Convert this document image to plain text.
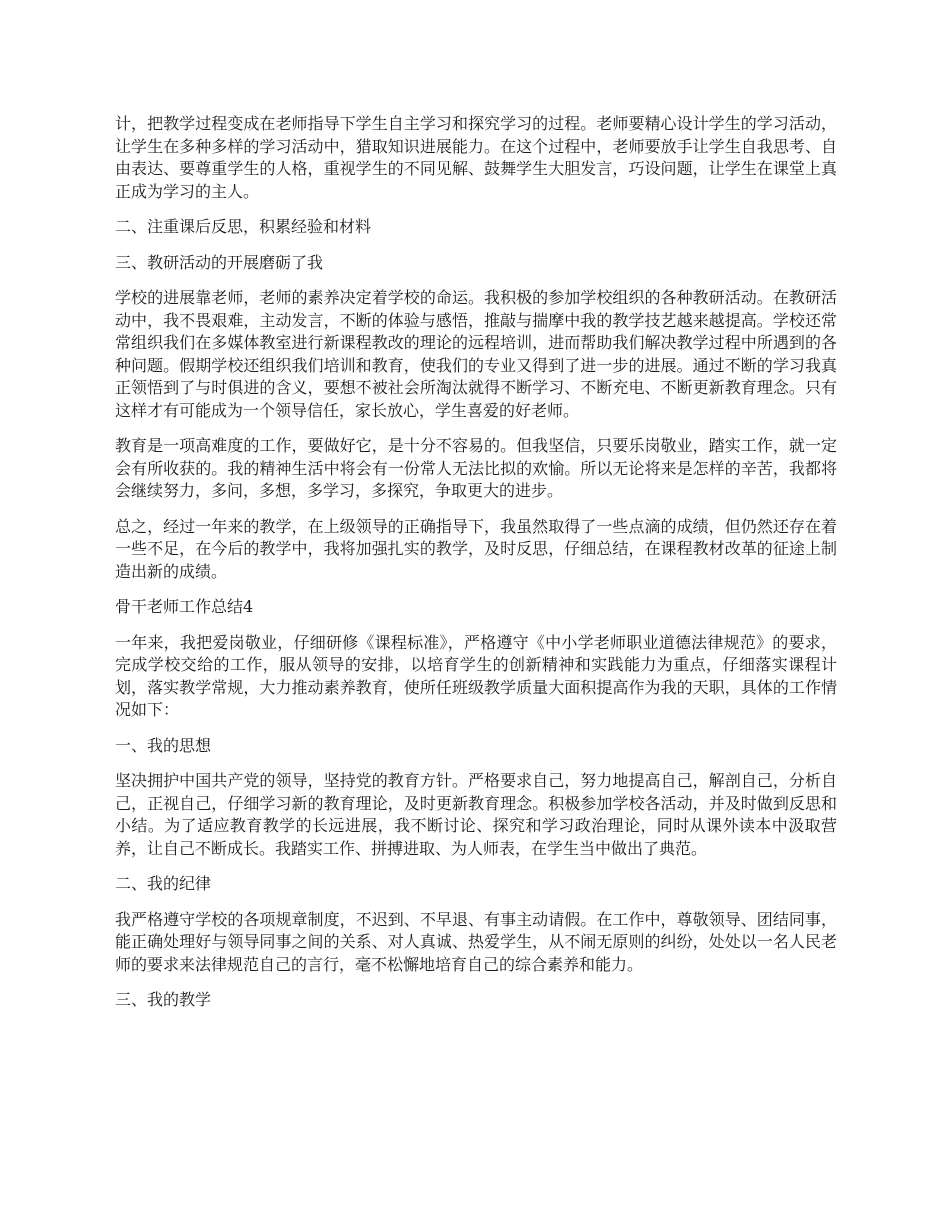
计，把教学过程变成在老师指导下学生自主学习和探究学习的过程。老师要精心设计学生的学习活动，让学生在多种多样的学习活动中，猎取知识进展能力。在这个过程中，老师要放手让学生自我思考、自由表达、要尊重学生的人格，重视学生的不同见解、鼓舞学生大胆发言，巧设问题，让学生在课堂上真正成为学习的主人。

二、注重课后反思，积累经验和材料

三、教研活动的开展磨砺了我

学校的进展靠老师，老师的素养决定着学校的命运。我积极的参加学校组织的各种教研活动。在教研活动中，我不畏艰难，主动发言，不断的体验与感悟，推敲与揣摩中我的教学技艺越来越提高。学校还常常组织我们在多媒体教室进行新课程教改的理论的远程培训，进而帮助我们解决教学过程中所遇到的各种问题。假期学校还组织我们培训和教育，使我们的专业又得到了进一步的进展。通过不断的学习我真正领悟到了与时俱进的含义，要想不被社会所淘汰就得不断学习、不断充电、不断更新教育理念。只有这样才有可能成为一个领导信任，家长放心，学生喜爱的好老师。

教育是一项高难度的工作，要做好它，是十分不容易的。但我坚信，只要乐岗敬业，踏实工作，就一定会有所收获的。我的精神生活中将会有一份常人无法比拟的欢愉。所以无论将来是怎样的辛苦，我都将会继续努力，多问，多想，多学习，多探究，争取更大的进步。

总之，经过一年来的教学，在上级领导的正确指导下，我虽然取得了一些点滴的成绩，但仍然还存在着一些不足，在今后的教学中，我将加强扎实的教学，及时反思，仔细总结，在课程教材改革的征途上制造出新的成绩。

骨干老师工作总结4

一年来，我把爱岗敬业，仔细研修《课程标准》，严格遵守《中小学老师职业道德法律规范》的要求，完成学校交给的工作，服从领导的安排，以培育学生的创新精神和实践能力为重点，仔细落实课程计划，落实教学常规，大力推动素养教育，使所任班级教学质量大面积提高作为我的天职，具体的工作情况如下：

一、我的思想

坚决拥护中国共产党的领导，坚持党的教育方针。严格要求自己，努力地提高自己，解剖自己，分析自己，正视自己，仔细学习新的教育理论，及时更新教育理念。积极参加学校各活动，并及时做到反思和小结。为了适应教育教学的长远进展，我不断讨论、探究和学习政治理论，同时从课外读本中汲取营养，让自己不断成长。我踏实工作、拼搏进取、为人师表，在学生当中做出了典范。

二、我的纪律

我严格遵守学校的各项规章制度，不迟到、不早退、有事主动请假。在工作中，尊敬领导、团结同事，能正确处理好与领导同事之间的关系、对人真诚、热爱学生，从不闹无原则的纠纷，处处以一名人民老师的要求来法律规范自己的言行，毫不松懈地培育自己的综合素养和能力。

三、我的教学
